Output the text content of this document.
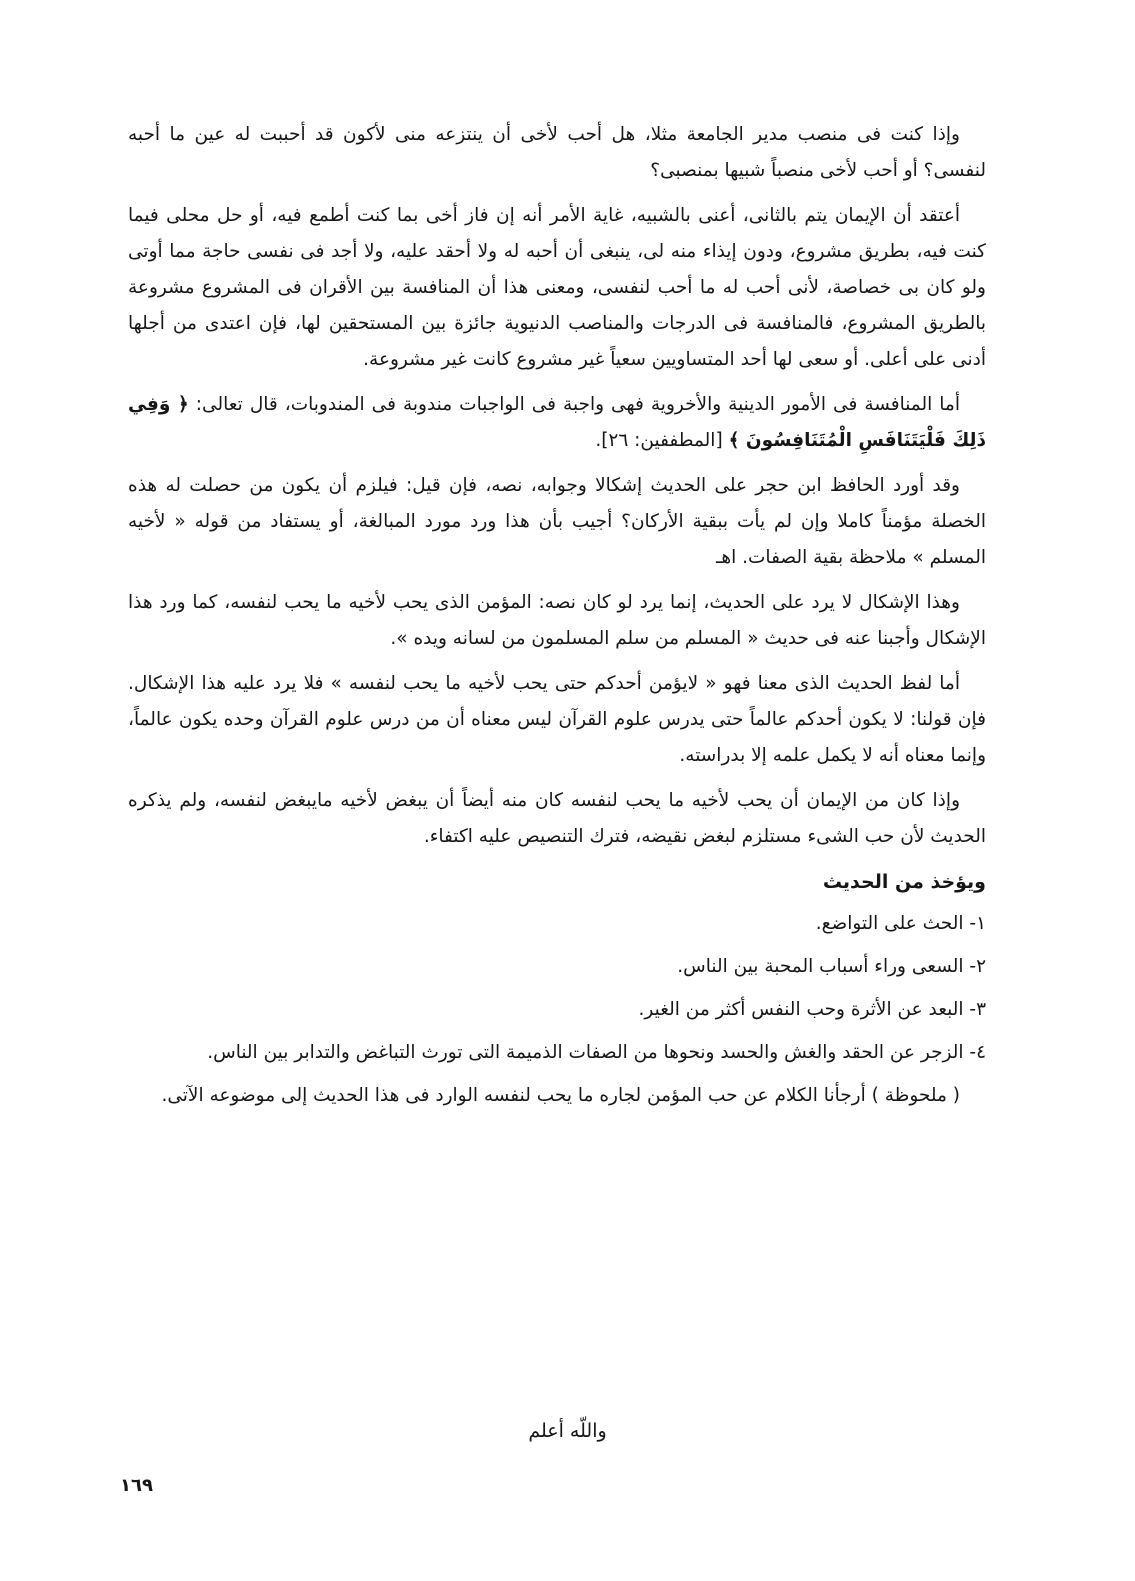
وإذا كنت فى منصب مدير الجامعة مثلا، هل أحب لأخى أن ينتزعه منى لأكون قد أحببت له عين ما أحبه لنفسى؟ أو أحب لأخى منصباً شبيها بمنصبى؟

أعتقد أن الإيمان يتم بالثانى، أعنى بالشبيه، غاية الأمر أنه إن فاز أخى بما كنت أطمع فيه، أو حل محلى فيما كنت فيه، بطريق مشروع، ودون إيذاء منه لى، ينبغى أن أحبه له ولا أحقد عليه، ولا أجد فى نفسى حاجة مما أوتى ولو كان بى خصاصة، لأنى أحب له ما أحب لنفسى، ومعنى هذا أن المنافسة بين الأقران فى المشروع مشروعة بالطريق المشروع، فالمنافسة فى الدرجات والمناصب الدنيوية جائزة بين المستحقين لها، فإن اعتدى من أجلها أدنى على أعلى. أو سعى لها أحد المتساويين سعياً غير مشروع كانت غير مشروعة.

أما المنافسة فى الأمور الدينية والأخروية فهى واجبة فى الواجبات مندوبة فى المندوبات، قال تعالى: ﴿ وَفِي ذَلِكَ فَلْيَتَنَافَسِ الْمُتَنَافِسُونَ ﴾ [المطففين: ٢٦].

وقد أورد الحافظ ابن حجر على الحديث إشكالا وجوابه، نصه، فإن قيل: فيلزم أن يكون من حصلت له هذه الخصلة مؤمناً كاملا وإن لم يأت ببقية الأركان؟ أجيب بأن هذا ورد مورد المبالغة، أو يستفاد من قوله « لأخيه المسلم » ملاحظة بقية الصفات. اهـ

وهذا الإشكال لا يرد على الحديث، إنما يرد لو كان نصه: المؤمن الذى يحب لأخيه ما يحب لنفسه، كما ورد هذا الإشكال وأجبنا عنه فى حديث « المسلم من سلم المسلمون من لسانه ويده ».

أما لفظ الحديث الذى معنا فهو « لايؤمن أحدكم حتى يحب لأخيه ما يحب لنفسه » فلا يرد عليه هذا الإشكال. فإن قولنا: لا يكون أحدكم عالماً حتى يدرس علوم القرآن ليس معناه أن من درس علوم القرآن وحده يكون عالماً، وإنما معناه أنه لا يكمل علمه إلا بدراسته.

وإذا كان من الإيمان أن يحب لأخيه ما يحب لنفسه كان منه أيضاً أن يبغض لأخيه مايبغض لنفسه، ولم يذكره الحديث لأن حب الشىء مستلزم لبغض نقيضه، فترك التنصيص عليه اكتفاء.

ويؤخذ من الحديث
١- الحث على التواضع.
٢- السعى وراء أسباب المحبة بين الناس.
٣- البعد عن الأثرة وحب النفس أكثر من الغير.
٤- الزجر عن الحقد والغش والحسد ونحوها من الصفات الذميمة التى تورث التباغض والتدابر بين الناس.

( ملحوظة ) أرجأنا الكلام عن حب المؤمن لجاره ما يحب لنفسه الوارد فى هذا الحديث إلى موضوعه الآتى.

واللّه أعلم
١٦٩
